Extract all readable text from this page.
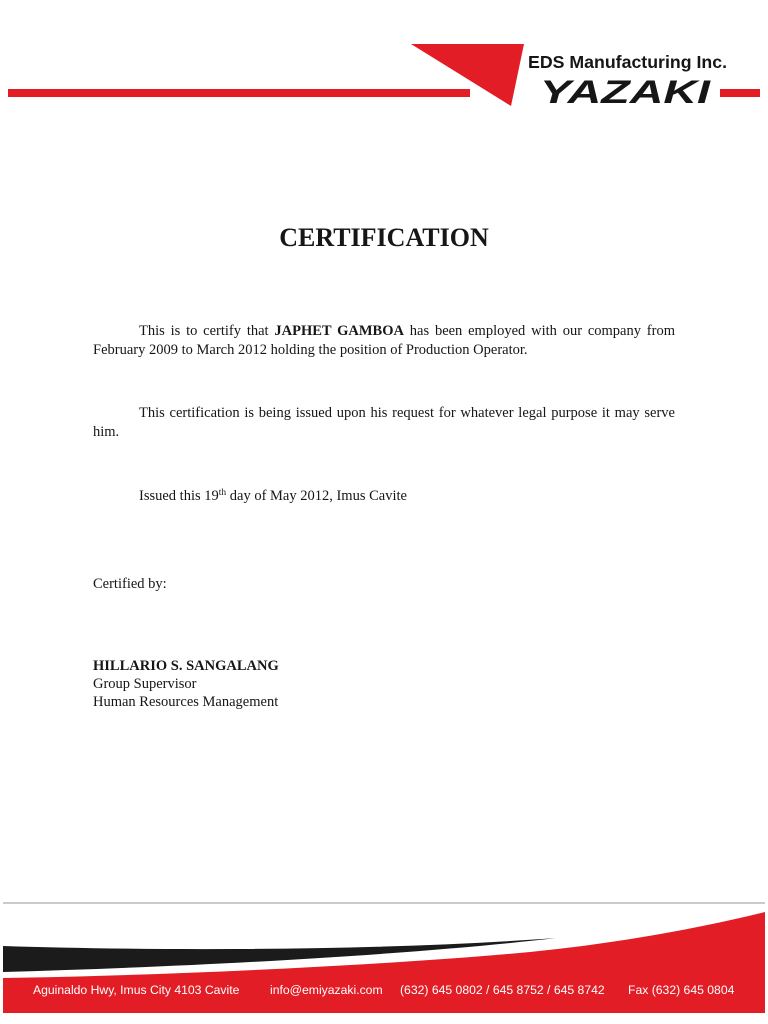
EDS Manufacturing Inc.
YAZAKI
CERTIFICATION

This is to certify that JAPHET GAMBOA has been employed with our company from February 2009 to March 2012 holding the position of Production Operator.

This certification is being issued upon his request for whatever legal purpose it may serve him.

Issued this 19th day of May 2012, Imus Cavite

Certified by:

HILLARIO S. SANGALANG
Group Supervisor
Human Resources Management
Aguinaldo Hwy, Imus City 4103 Cavite	info@emiyazaki.com (632) 645 0802 / 645 8752 / 645 8742 Fax (632) 645 0804
